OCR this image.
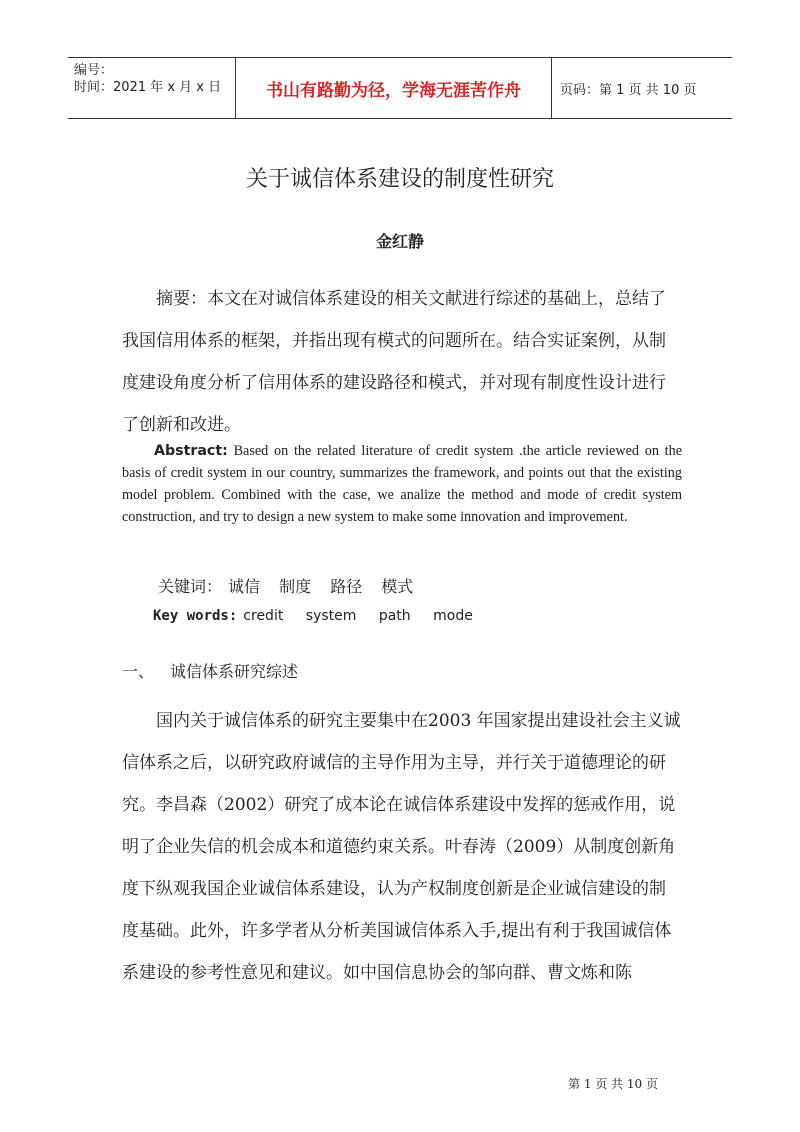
编号：
时间：2021 年 x 月 x 日	书山有路勤为径，学海无涯苦作舟	页码：第 1 页 共 10 页
关于诚信体系建设的制度性研究
金红静

摘要：本文在对诚信体系建设的相关文献进行综述的基础上，总结了我国信用体系的框架，并指出现有模式的问题所在。结合实证案例，从制度建设角度分析了信用体系的建设路径和模式，并对现有制度性设计进行了创新和改进。

Abstract: Based on the related literature of credit system .the article reviewed on the basis of credit system in our country, summarizes the framework, and points out that the existing model problem. Combined with the case, we analize the method and mode of credit system construction, and try to design a new system to make some innovation and improvement.

关键词： 诚信 制度 路径 模式
Key words: credit system path mode
一、 诚信体系研究综述

国内关于诚信体系的研究主要集中在2003 年国家提出建设社会主义诚信体系之后，以研究政府诚信的主导作用为主导，并行关于道德理论的研究。李昌森（2002）研究了成本论在诚信体系建设中发挥的惩戒作用，说明了企业失信的机会成本和道德约束关系。叶春涛（2009）从制度创新角度下纵观我国企业诚信体系建设，认为产权制度创新是企业诚信建设的制度基础。此外，许多学者从分析美国诚信体系入手,提出有利于我国诚信体系建设的参考性意见和建议。如中国信息协会的邹向群、曹文炼和陈

第 1 页 共 10 页
